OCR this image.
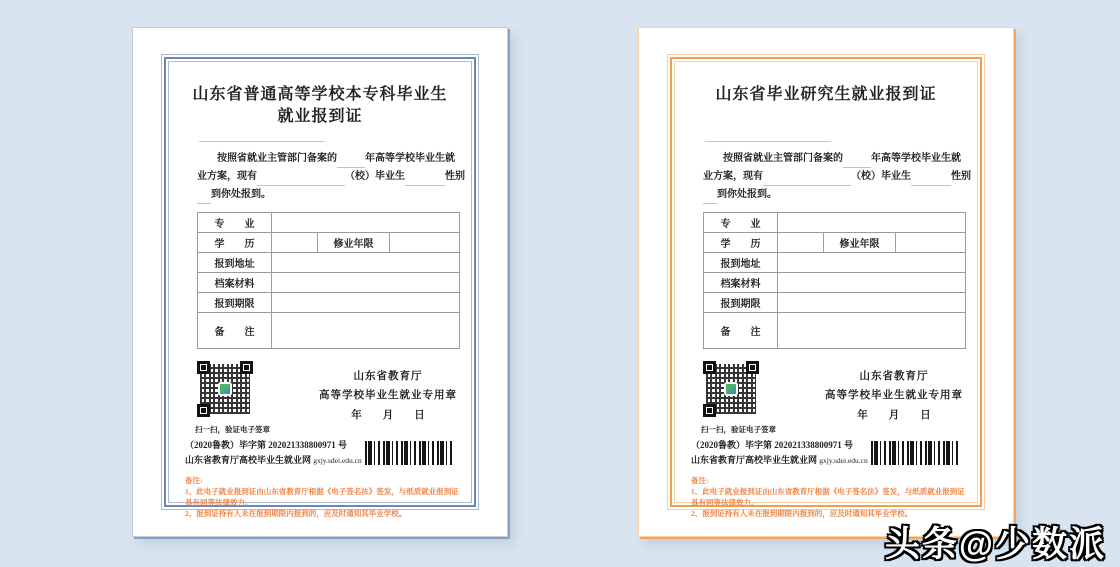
山东省普通高等学校本专科毕业生
就业报到证
按照省就业主管部门备案的	年高等学校毕业生就
业方案，现有	（校）毕业生	性别
到你处报到。
专　　业			
学　　历		修业年限	
报到地址			
档案材料			
报到期限			
备　　注			
扫一扫，验证电子签章
山东省教育厅
高等学校毕业生就业专用章
年　　月　　日
（2020鲁教）毕字第 202021338800971 号
山东省教育厅高校毕业生就业网 gxjy.sdei.edu.cn
备注:
1、此电子就业报到证由山东省教育厅根据《电子签名法》签发，与纸质就业报到证
具有同等法律效力。
2、报到证持有人未在报到期限内报到的，应及时通知其毕业学校。
山东省毕业研究生就业报到证
按照省就业主管部门备案的	年高等学校毕业生就
业方案，现有	（校）毕业生	性别
到你处报到。
专　　业			
学　　历		修业年限	
报到地址			
档案材料			
报到期限			
备　　注			
扫一扫，验证电子签章
山东省教育厅
高等学校毕业生就业专用章
年　　月　　日
（2020鲁教）毕字第 202021338800971 号
山东省教育厅高校毕业生就业网 gxjy.sdei.edu.cn
备注:
1、此电子就业报到证由山东省教育厅根据《电子签名法》签发，与纸质就业报到证
具有同等法律效力。
2、报到证持有人未在报到期限内报到的，应及时通知其毕业学校。
头条@少数派
